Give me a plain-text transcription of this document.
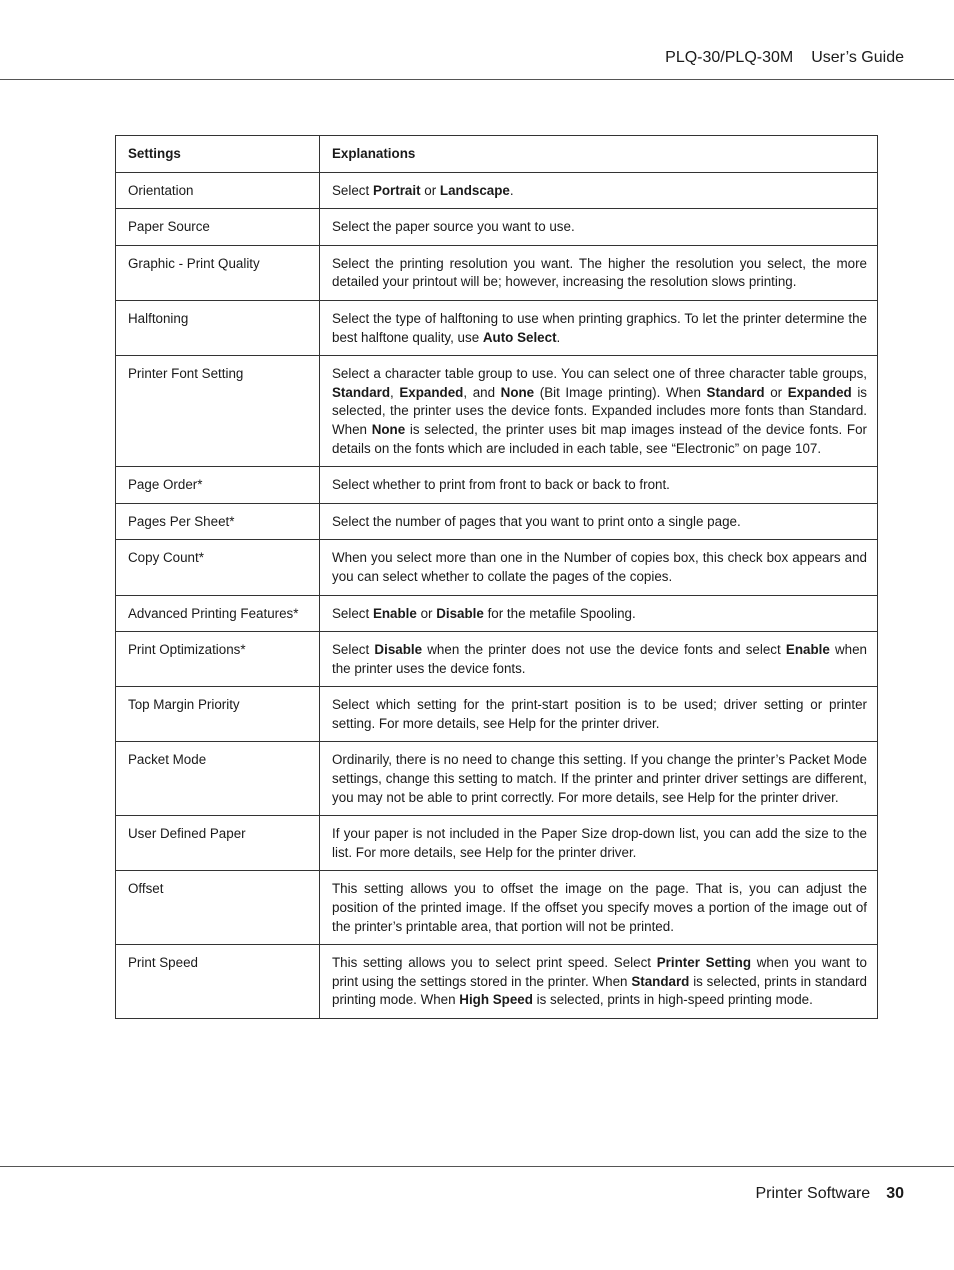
PLQ-30/PLQ-30M User’s Guide
Settings	Explanations
Orientation	Select Portrait or Landscape.
Paper Source	Select the paper source you want to use.
Graphic - Print Quality	Select the printing resolution you want. The higher the resolution you select, the more detailed your printout will be; however, increasing the resolution slows printing.
Halftoning	Select the type of halftoning to use when printing graphics. To let the printer determine the best halftone quality, use Auto Select.
Printer Font Setting	Select a character table group to use. You can select one of three character table groups, Standard, Expanded, and None (Bit Image printing). When Standard or Expanded is selected, the printer uses the device fonts. Expanded includes more fonts than Standard. When None is selected, the printer uses bit map images instead of the device fonts. For details on the fonts which are included in each table, see “Electronic” on page 107.
Page Order*	Select whether to print from front to back or back to front.
Pages Per Sheet*	Select the number of pages that you want to print onto a single page.
Copy Count*	When you select more than one in the Number of copies box, this check box appears and you can select whether to collate the pages of the copies.
Advanced Printing Features*	Select Enable or Disable for the metafile Spooling.
Print Optimizations*	Select Disable when the printer does not use the device fonts and select Enable when the printer uses the device fonts.
Top Margin Priority	Select which setting for the print-start position is to be used; driver setting or printer setting. For more details, see Help for the printer driver.
Packet Mode	Ordinarily, there is no need to change this setting. If you change the printer’s Packet Mode settings, change this setting to match. If the printer and printer driver settings are different, you may not be able to print correctly. For more details, see Help for the printer driver.
User Defined Paper	If your paper is not included in the Paper Size drop-down list, you can add the size to the list. For more details, see Help for the printer driver.
Offset	This setting allows you to offset the image on the page. That is, you can adjust the position of the printed image. If the offset you specify moves a portion of the image out of the printer’s printable area, that portion will not be printed.
Print Speed	This setting allows you to select print speed. Select Printer Setting when you want to print using the settings stored in the printer. When Standard is selected, prints in standard printing mode. When High Speed is selected, prints in high-speed printing mode.
Printer Software 30
